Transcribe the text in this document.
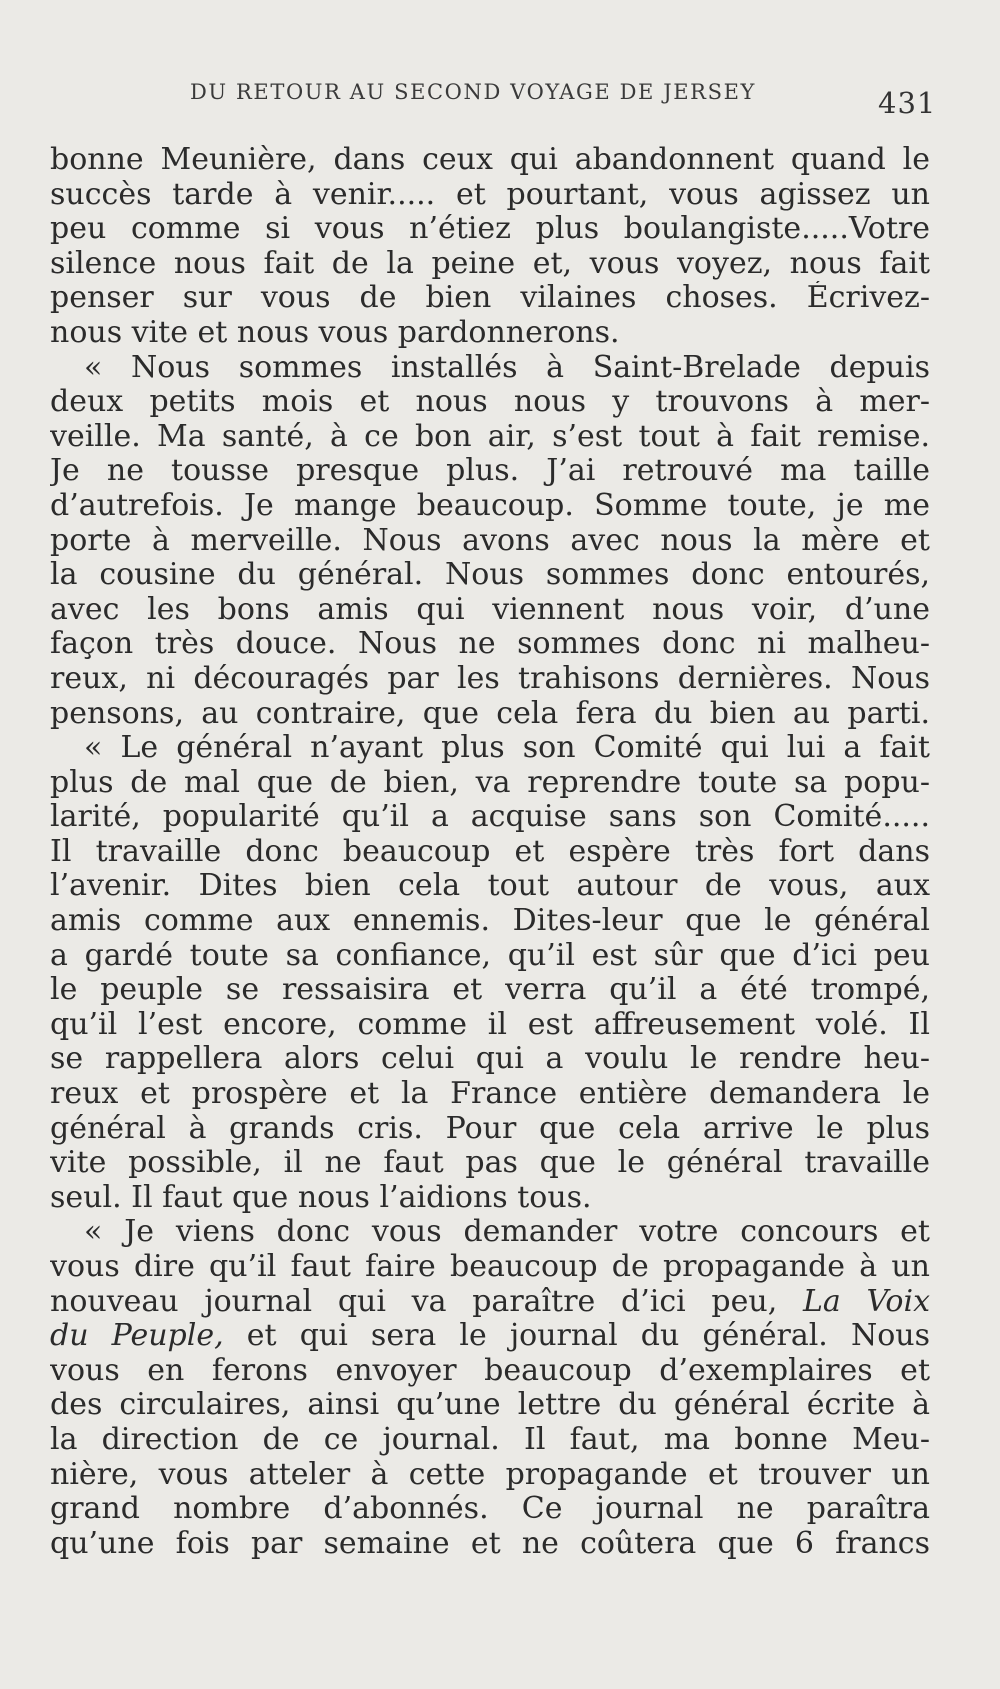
DU RETOUR AU SECOND VOYAGE DE JERSEY	431
bonne Meunière, dans ceux qui abandonnent quand le
succès tarde à venir..... et pourtant, vous agissez un
peu comme si vous n’étiez plus boulangiste.....Votre
silence nous fait de la peine et, vous voyez, nous fait
penser sur vous de bien vilaines choses. Écrivez-
nous vite et nous vous pardonnerons.
« Nous sommes installés à Saint-Brelade depuis
deux petits mois et nous nous y trouvons à mer-
veille. Ma santé, à ce bon air, s’est tout à fait remise.
Je ne tousse presque plus. J’ai retrouvé ma taille
d’autrefois. Je mange beaucoup. Somme toute, je me
porte à merveille. Nous avons avec nous la mère et
la cousine du général. Nous sommes donc entourés,
avec les bons amis qui viennent nous voir, d’une
façon très douce. Nous ne sommes donc ni malheu-
reux, ni découragés par les trahisons dernières. Nous
pensons, au contraire, que cela fera du bien au parti.
« Le général n’ayant plus son Comité qui lui a fait
plus de mal que de bien, va reprendre toute sa popu-
larité, popularité qu’il a acquise sans son Comité.....
Il travaille donc beaucoup et espère très fort dans
l’avenir. Dites bien cela tout autour de vous, aux
amis comme aux ennemis. Dites-leur que le général
a gardé toute sa confiance, qu’il est sûr que d’ici peu
le peuple se ressaisira et verra qu’il a été trompé,
qu’il l’est encore, comme il est affreusement volé. Il
se rappellera alors celui qui a voulu le rendre heu-
reux et prospère et la France entière demandera le
général à grands cris. Pour que cela arrive le plus
vite possible, il ne faut pas que le général travaille
seul. Il faut que nous l’aidions tous.
« Je viens donc vous demander votre concours et
vous dire qu’il faut faire beaucoup de propagande à un
nouveau journal qui va paraître d’ici peu, La Voix
du Peuple, et qui sera le journal du général. Nous
vous en ferons envoyer beaucoup d’exemplaires et
des circulaires, ainsi qu’une lettre du général écrite à
la direction de ce journal. Il faut, ma bonne Meu-
nière, vous atteler à cette propagande et trouver un
grand nombre d’abonnés. Ce journal ne paraîtra
qu’une fois par semaine et ne coûtera que 6 francs
